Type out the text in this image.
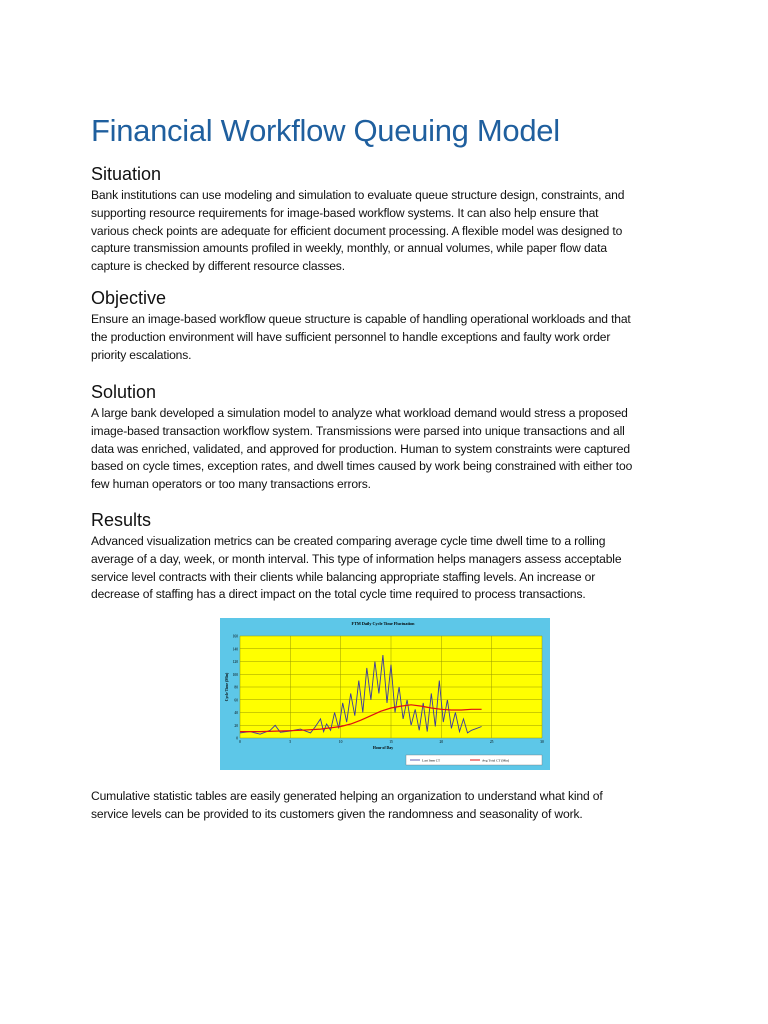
Financial Workflow Queuing Model
Situation

Bank institutions can use modeling and simulation to evaluate queue structure design, constraints, and
supporting resource requirements for image-based workflow systems. It can also help ensure that
various check points are adequate for efficient document processing. A flexible model was designed to
capture transmission amounts profiled in weekly, monthly, or annual volumes, while paper flow data
capture is checked by different resource classes.

Objective

Ensure an image-based workflow queue structure is capable of handling operational workloads and that
the production environment will have sufficient personnel to handle exceptions and faulty work order
priority escalations.

Solution

A large bank developed a simulation model to analyze what workload demand would stress a proposed
image-based transaction workflow system. Transmissions were parsed into unique transactions and all
data was enriched, validated, and approved for production. Human to system constraints were captured
based on cycle times, exception rates, and dwell times caused by work being constrained with either too
few human operators or too many transactions errors.

Results

Advanced visualization metrics can be created comparing average cycle time dwell time to a rolling
average of a day, week, or month interval. This type of information helps managers assess acceptable
service level contracts with their clients while balancing appropriate staffing levels. An increase or
decrease of staffing has a direct impact on the total cycle time required to process transactions.

0
20
40
60
80
100
120
140
160
0	5	10	15	20	25	30
FTM Daily Cycle Time Fluctuation
Hour of Day
Cycle Time (Min)
Last Item CT	Avg Total CT (Min)

Cumulative statistic tables are easily generated helping an organization to understand what kind of
service levels can be provided to its customers given the randomness and seasonality of work.
